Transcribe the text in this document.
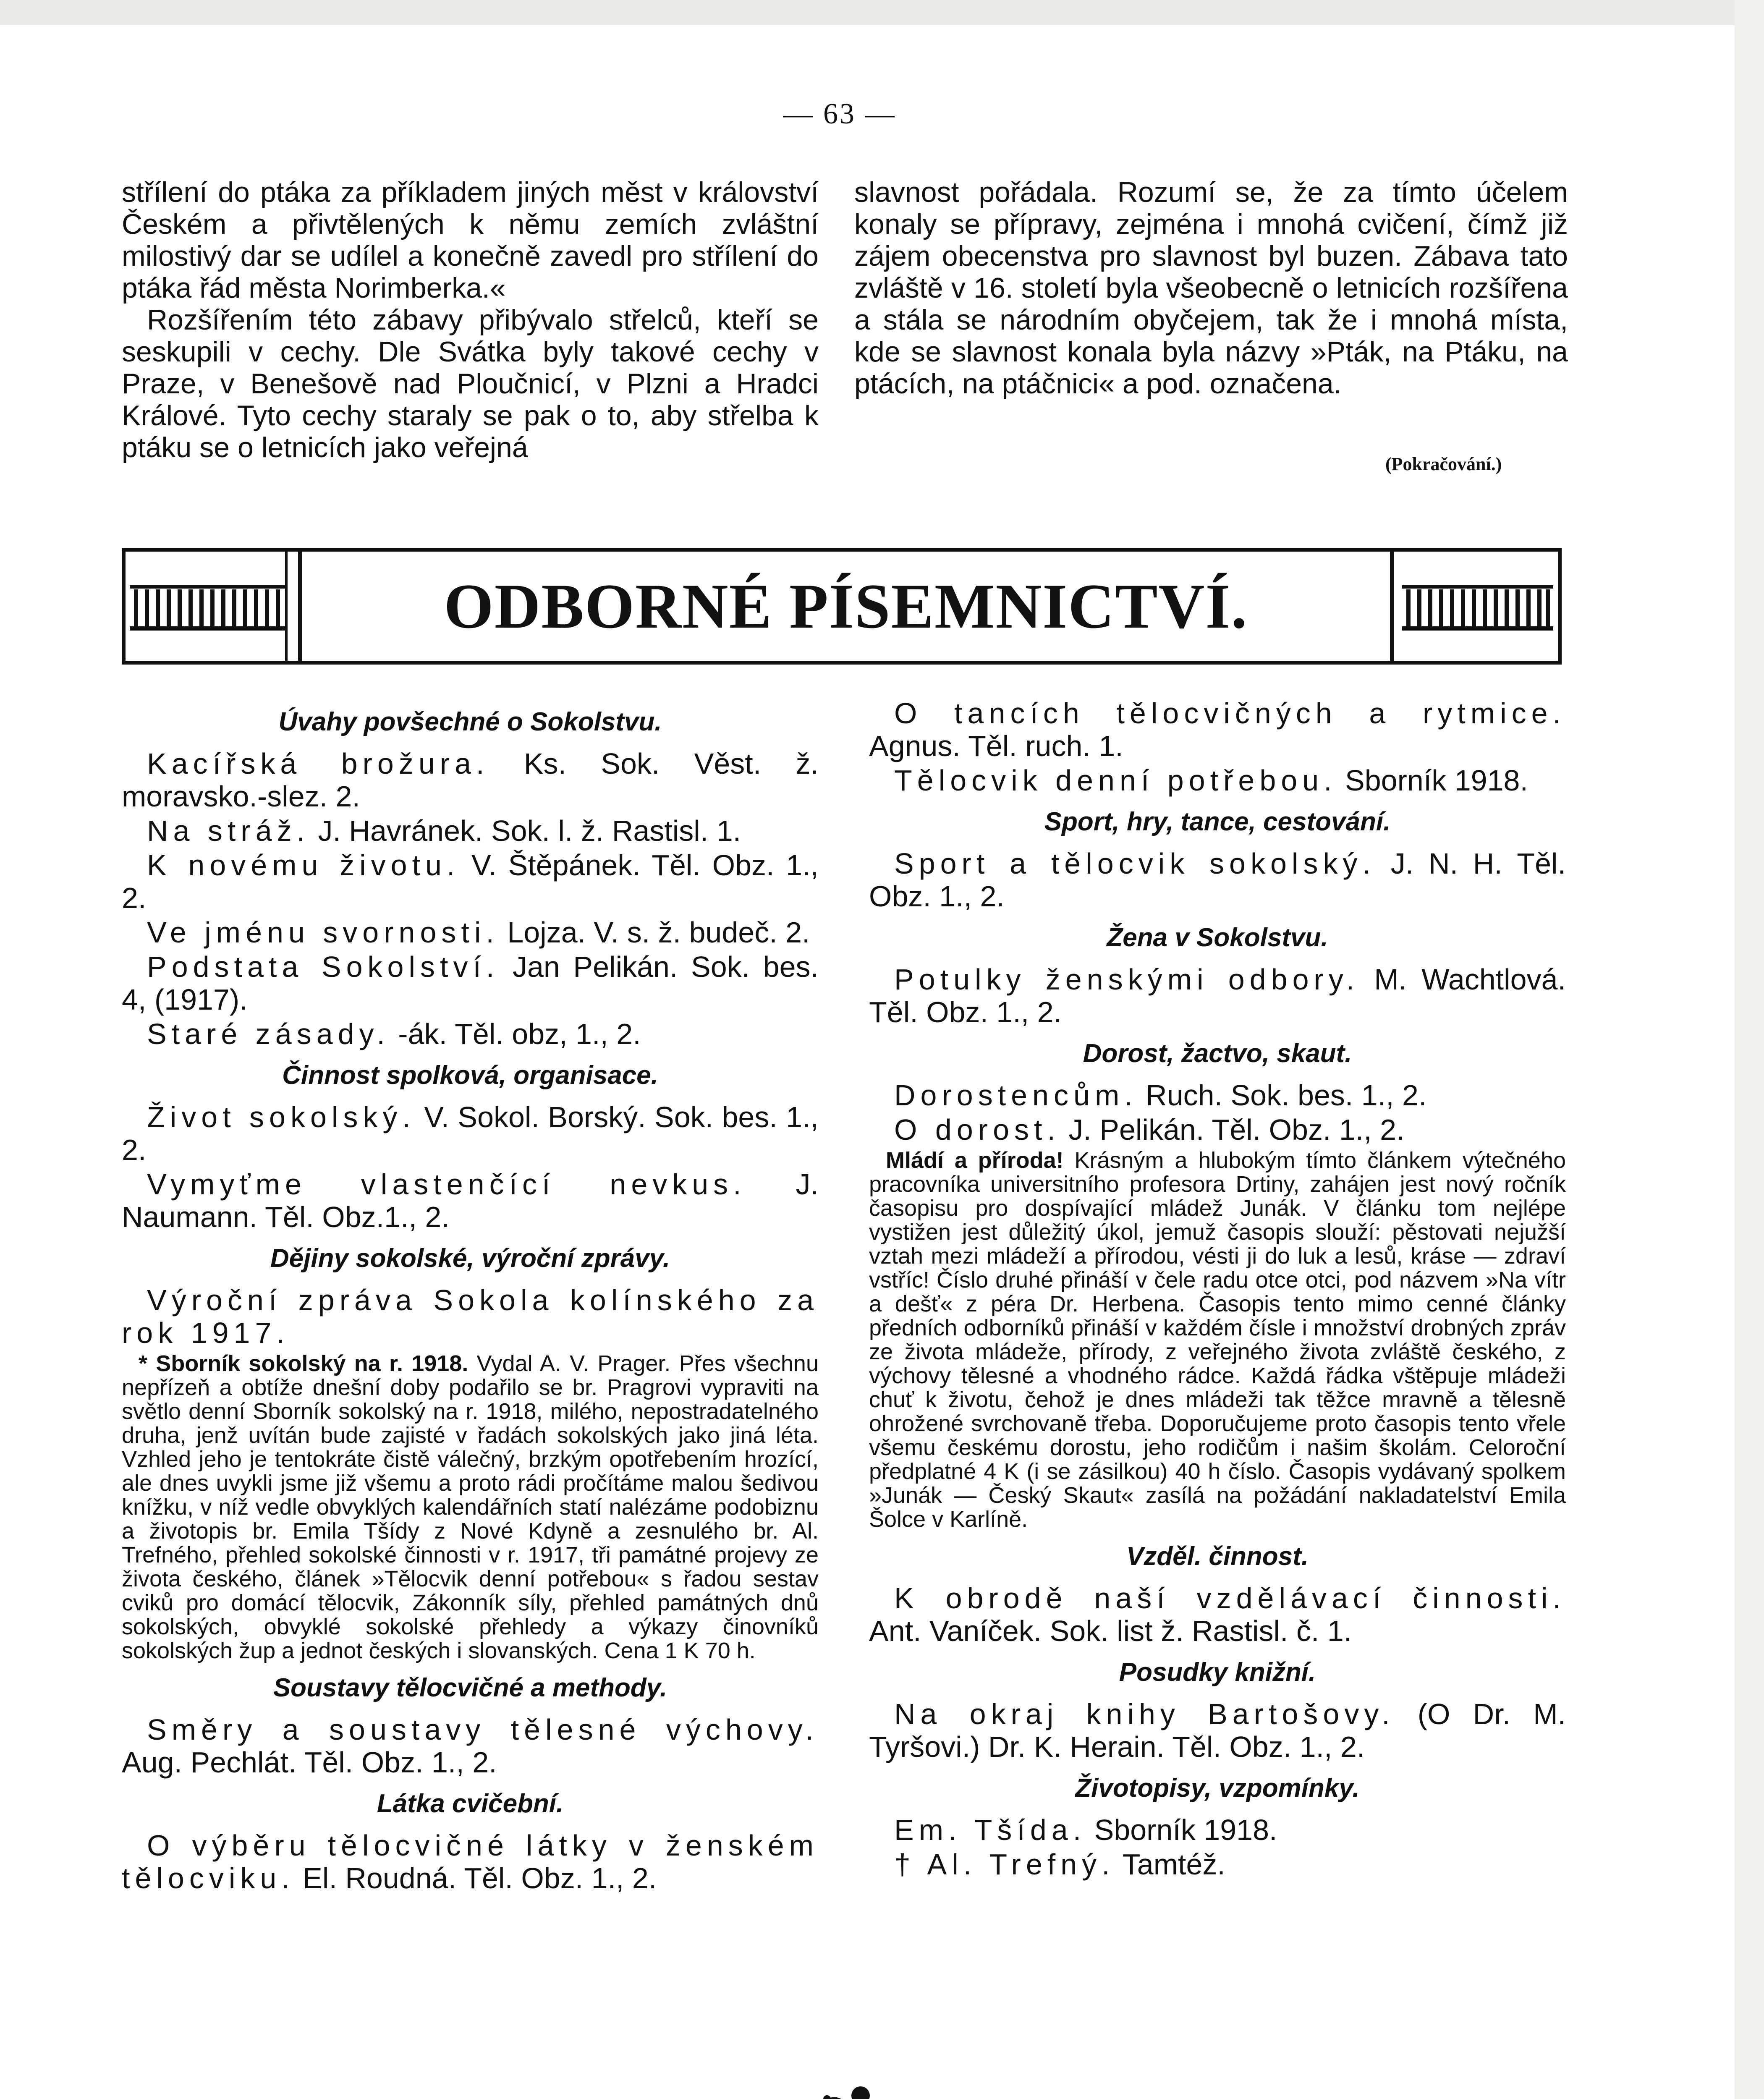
— 63 —

střílení do ptáka za příkladem jiných měst v království Českém a přivtělených k němu zemích zvláštní milostivý dar se udílel a konečně zavedl pro střílení do ptáka řád města Norimberka.«

Rozšířením této zábavy přibývalo střelců, kteří se seskupili v cechy. Dle Svátka byly takové cechy v Praze, v Benešově nad Ploučnicí, v Plzni a Hradci Králové. Tyto cechy staraly se pak o to, aby střelba k ptáku se o letnicích jako veřejná

slavnost pořádala. Rozumí se, že za tímto účelem konaly se přípravy, zejména i mnohá cvičení, čímž již zájem obecenstva pro slavnost byl buzen. Zábava tato zvláště v 16. století byla všeobecně o letnicích rozšířena a stála se národním obyčejem, tak že i mnohá místa, kde se slavnost konala byla názvy »Pták, na Ptáku, na ptácích, na ptáčnici« a pod. označena.

(Pokračování.)
ODBORNÉ PÍSEMNICTVÍ.
Úvahy povšechné o Sokolstvu.

Kacířská brožura. Ks. Sok. Věst. ž. moravsko.-slez. 2.

Na stráž. J. Havránek. Sok. l. ž. Rastisl. 1.

K novému životu. V. Štěpánek. Těl. Obz. 1., 2.

Ve jménu svornosti. Lojza. V. s. ž. budeč. 2.

Podstata Sokolství. Jan Pelikán. Sok. bes. 4, (1917).

Staré zásady. -ák. Těl. obz, 1., 2.

Činnost spolková, organisace.

Život sokolský. V. Sokol. Borský. Sok. bes. 1., 2.

Vymyťme vlastenčící nevkus. J. Naumann. Těl. Obz.1., 2.

Dějiny sokolské, výroční zprávy.

Výroční zpráva Sokola kolínského za rok 1917.

* Sborník sokolský na r. 1918. Vydal A. V. Prager. Přes všechnu nepřízeň a obtíže dnešní doby podařilo se br. Pragrovi vypraviti na světlo denní Sborník sokolský na r. 1918, milého, nepostradatelného druha, jenž uvítán bude zajisté v řadách sokolských jako jiná léta. Vzhled jeho je tentokráte čistě válečný, brzkým opotřebením hrozící, ale dnes uvykli jsme již všemu a proto rádi pročítáme malou šedivou knížku, v níž vedle obvyklých kalendářních statí nalézáme podobiznu a životopis br. Emila Tšídy z Nové Kdyně a zesnulého br. Al. Trefného, přehled sokolské činnosti v r. 1917, tři památné projevy ze života českého, článek »Tělocvik denní potřebou« s řadou sestav cviků pro domácí tělocvik, Zákonník síly, přehled památných dnů sokolských, obvyklé sokolské přehledy a výkazy činovníků sokolských žup a jednot českých i slovanských. Cena 1 K 70 h.

Soustavy tělocvičné a methody.

Směry a soustavy tělesné výchovy. Aug. Pechlát. Těl. Obz. 1., 2.

Látka cvičební.

O výběru tělocvičné látky v ženském tělocviku. El. Roudná. Těl. Obz. 1., 2.

O tancích tělocvičných a rytmice. Agnus. Těl. ruch. 1.

Tělocvik denní potřebou. Sborník 1918.

Sport, hry, tance, cestování.

Sport a tělocvik sokolský. J. N. H. Těl. Obz. 1., 2.

Žena v Sokolstvu.

Potulky ženskými odbory. M. Wachtlová. Těl. Obz. 1., 2.

Dorost, žactvo, skaut.

Dorostencům. Ruch. Sok. bes. 1., 2.

O dorost. J. Pelikán. Těl. Obz. 1., 2.

Mládí a příroda! Krásným a hlubokým tímto článkem výtečného pracovníka universitního profesora Drtiny, zahájen jest nový ročník časopisu pro dospívající mládež Junák. V článku tom nejlépe vystižen jest důležitý úkol, jemuž časopis slouží: pěstovati nejužší vztah mezi mládeží a přírodou, vésti ji do luk a lesů, kráse — zdraví vstříc! Číslo druhé přináší v čele radu otce otci, pod názvem »Na vítr a dešť« z péra Dr. Herbena. Časopis tento mimo cenné články předních odborníků přináší v každém čísle i množství drobných zpráv ze života mládeže, přírody, z veřejného života zvláště českého, z výchovy tělesné a vhodného rádce. Každá řádka vštěpuje mládeži chuť k životu, čehož je dnes mládeži tak těžce mravně a tělesně ohrožené svrchovaně třeba. Doporučujeme proto časopis tento vřele všemu českému dorostu, jeho rodičům i našim školám. Celoroční předplatné 4 K (i se zásilkou) 40 h číslo. Časopis vydávaný spolkem »Junák — Český Skaut« zasílá na požádání nakladatelství Emila Šolce v Karlíně.

Vzděl. činnost.

K obrodě naší vzdělávací činnosti. Ant. Vaníček. Sok. list ž. Rastisl. č. 1.

Posudky knižní.

Na okraj knihy Bartošovy. (O Dr. M. Tyršovi.) Dr. K. Herain. Těl. Obz. 1., 2.

Životopisy, vzpomínky.

Em. Tšída. Sborník 1918.

† Al. Trefný. Tamtéž.
